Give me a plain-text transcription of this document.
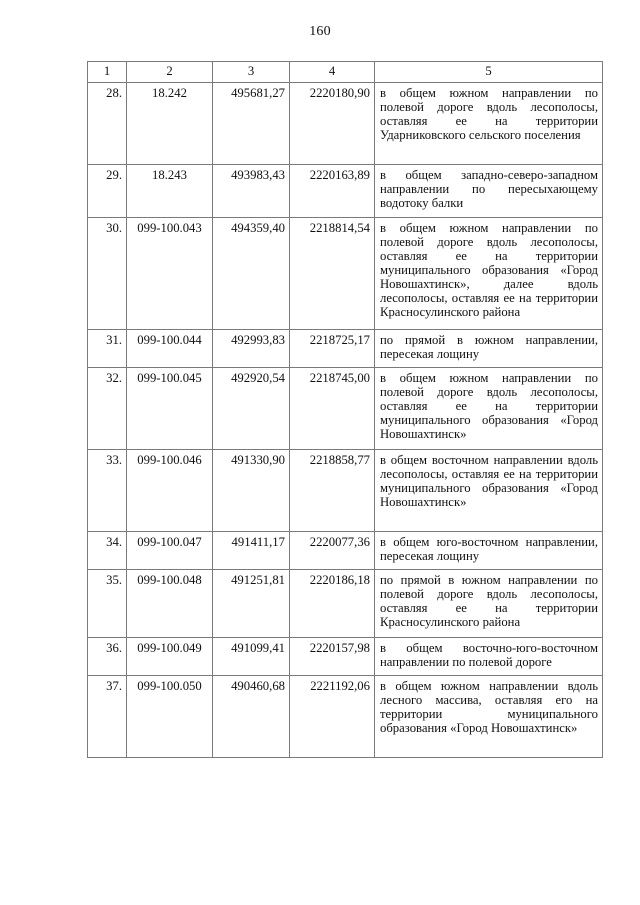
160
1	2	3	4	5
28.	18.242	495681,27	2220180,90	в общем южном направлении по полевой дороге вдоль лесополосы, оставляя ее на территории Ударниковского сельского поселения
29.	18.243	493983,43	2220163,89	в общем западно-северо-западном направлении по пересыхающему водотоку балки
30.	099-100.043	494359,40	2218814,54	в общем южном направлении по полевой дороге вдоль лесополосы, оставляя ее на территории муниципального образования «Город Новошахтинск», далее вдоль лесополосы, оставляя ее на территории Красносулинского района
31.	099-100.044	492993,83	2218725,17	по прямой в южном направлении, пересекая лощину
32.	099-100.045	492920,54	2218745,00	в общем южном направлении по полевой дороге вдоль лесополосы, оставляя ее на территории муниципального образования «Город Новошахтинск»
33.	099-100.046	491330,90	2218858,77	в общем восточном направлении вдоль лесополосы, оставляя ее на территории муниципального образования «Город Новошахтинск»
34.	099-100.047	491411,17	2220077,36	в общем юго-восточном направлении, пересекая лощину
35.	099-100.048	491251,81	2220186,18	по прямой в южном направлении по полевой дороге вдоль лесополосы, оставляя ее на территории Красносулинского района
36.	099-100.049	491099,41	2220157,98	в общем восточно-юго-восточном направлении по полевой дороге
37.	099-100.050	490460,68	2221192,06	в общем южном направлении вдоль лесного массива, оставляя его на территории муниципального образования «Город Новошахтинск»
